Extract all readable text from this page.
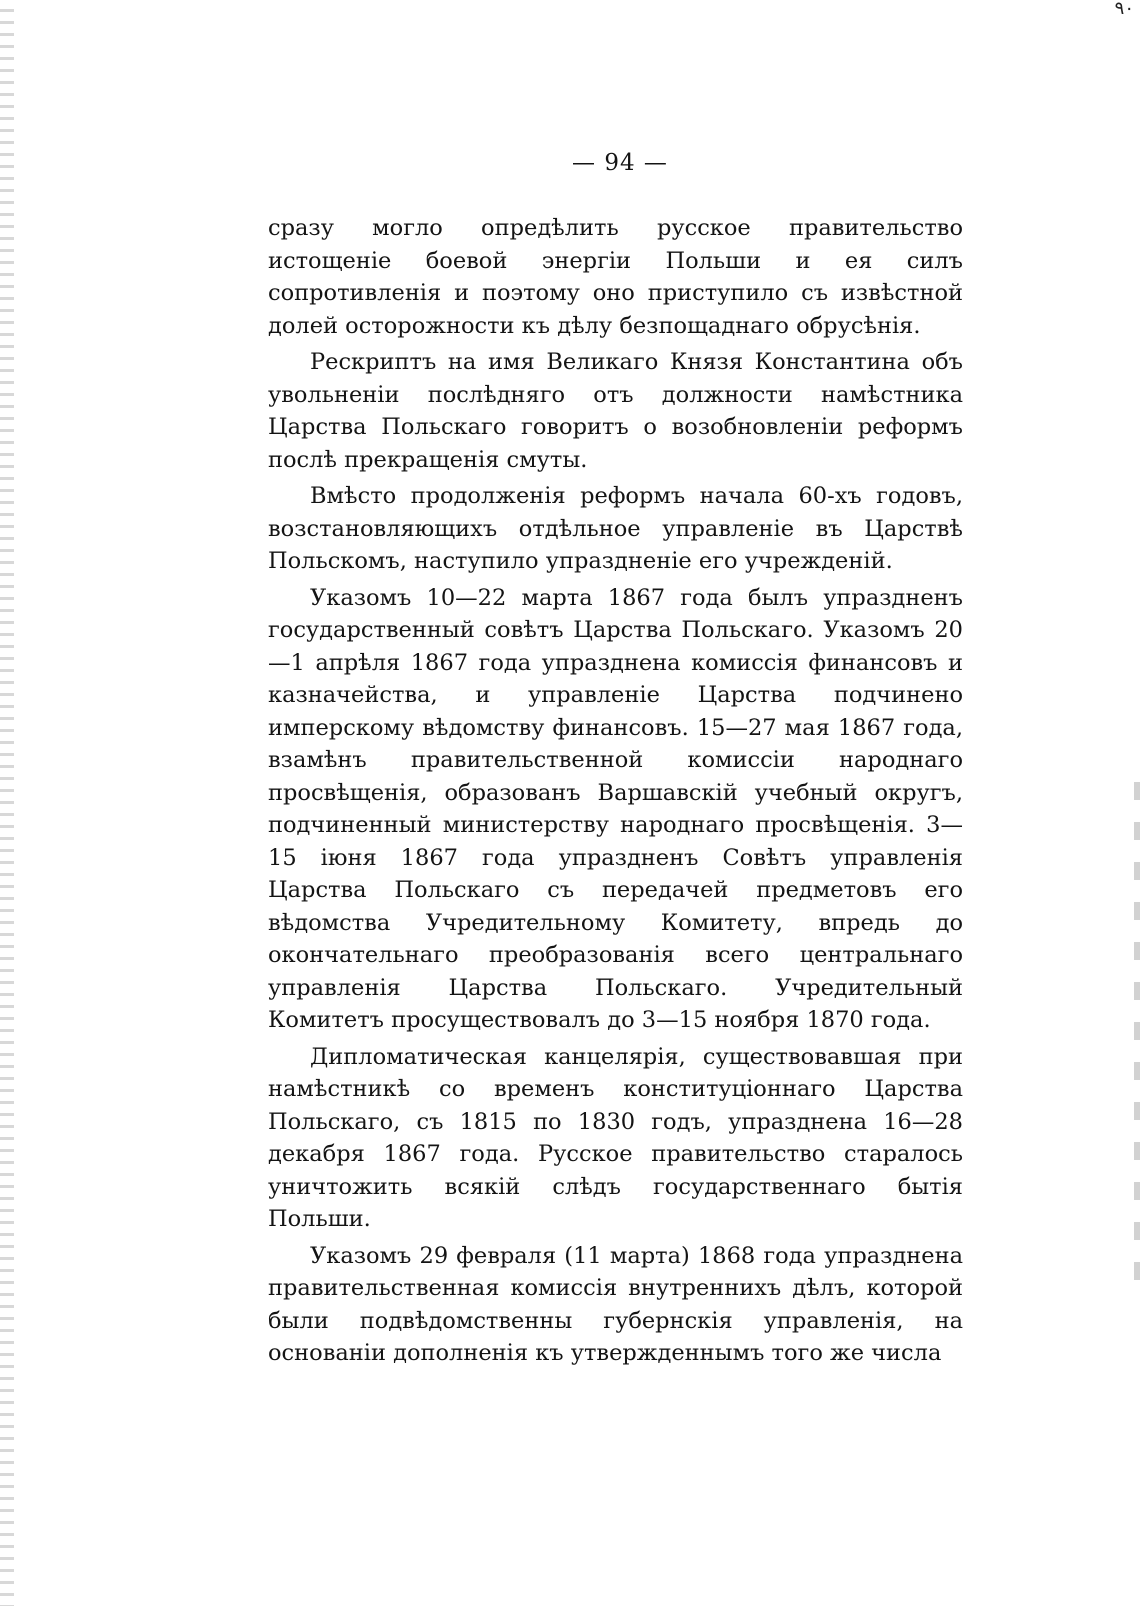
۹۰
— 94 —

сразу могло опредѣлить русское правительство истощеніе боевой энергіи Польши и ея силъ сопротивленія и поэтому оно приступило съ извѣстной долей осторожности къ дѣлу безпощаднаго обрусѣнія.

Рескриптъ на имя Великаго Князя Константина объ увольненіи послѣдняго отъ должности намѣстника Царства Польскаго говоритъ о возобновленіи реформъ послѣ прекращенія смуты.

Вмѣсто продолженія реформъ начала 60-хъ годовъ, возстановляющихъ отдѣльное управленіе въ Царствѣ Польскомъ, наступило упраздненіе его учрежденій.

Указомъ 10—22 марта 1867 года былъ упраздненъ государственный совѣтъ Царства Польскаго. Указомъ 20—1 апрѣля 1867 года упразднена комиссія финансовъ и казначейства, и управленіе Царства подчинено имперскому вѣдомству финансовъ. 15—27 мая 1867 года, взамѣнъ правительственной комиссіи народнаго просвѣщенія, образованъ Варшавскій учебный округъ, подчиненный министерству народнаго просвѣщенія. 3—15 іюня 1867 года упраздненъ Совѣтъ управленія Царства Польскаго съ передачей предметовъ его вѣдомства Учредительному Комитету, впредь до окончательнаго преобразованія всего центральнаго управленія Царства Польскаго. Учредительный Комитетъ просуществовалъ до 3—15 ноября 1870 года.

Дипломатическая канцелярія, существовавшая при намѣстникѣ со временъ конституціоннаго Царства Польскаго, съ 1815 по 1830 годъ, упразднена 16—28 декабря 1867 года. Русское правительство старалось уничтожить всякій слѣдъ государственнаго бытія Польши.

Указомъ 29 февраля (11 марта) 1868 года упразднена правительственная комиссія внутреннихъ дѣлъ, которой были подвѣдомственны губернскія управленія, на основаніи дополненія къ утвержденнымъ того же числа
